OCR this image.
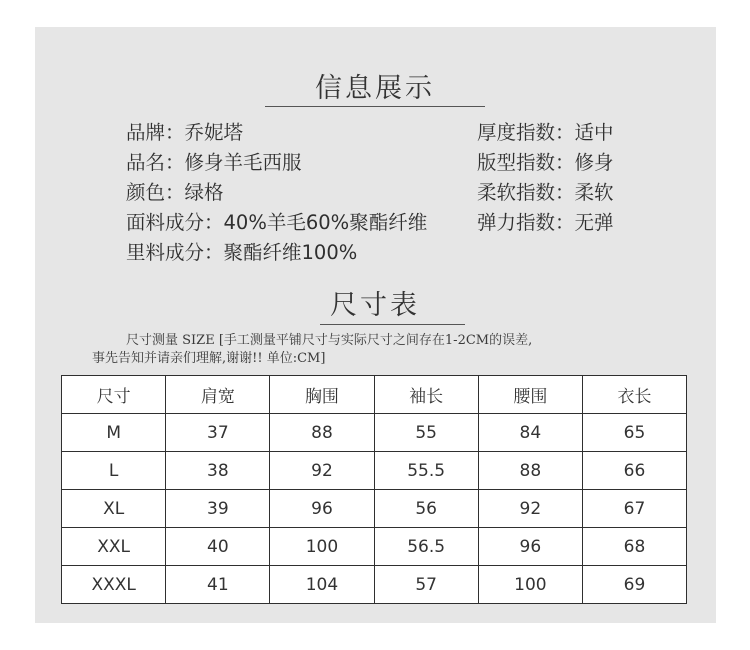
信息展示
品牌：乔妮塔
品名：修身羊毛西服
颜色：绿格
面料成分：40%羊毛60%聚酯纤维
里料成分：聚酯纤维100%
厚度指数：适中
版型指数：修身
柔软指数：柔软
弹力指数：无弹
尺寸表
尺寸测量 SIZE [手工测量平铺尺寸与实际尺寸之间存在1-2CM的误差,
事先告知并请亲们理解,谢谢!! 单位:CM]
尺寸	肩宽	胸围	袖长	腰围	衣长
M	37	88	55	84	65
L	38	92	55.5	88	66
XL	39	96	56	92	67
XXL	40	100	56.5	96	68
XXXL	41	104	57	100	69
